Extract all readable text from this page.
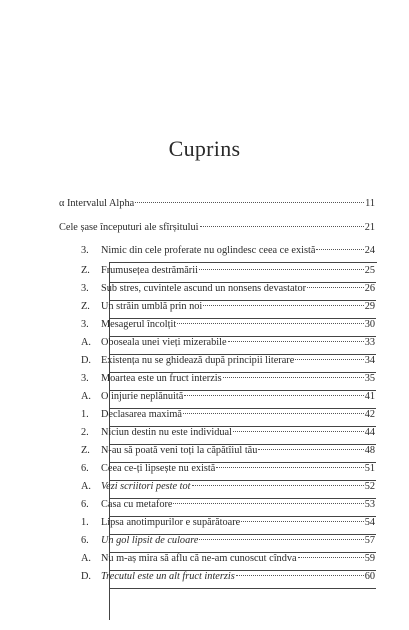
Cuprins
α Intervalul Alpha	11
Cele șase începuturi ale sfîrșitului	21
3.	Nimic din cele proferate nu oglindesc ceea ce există	24
Z.	Frumusețea destrămării	25
3.	Sub stres, cuvintele ascund un nonsens devastator	26
Z.	Un străin umblă prin noi	29
3.	Mesagerul încolțit	30
A. Oboseala unei vieți mizerabile	33
D. Existența nu se ghidează după principii literare	34
3.	Moartea este un fruct interzis	35
A. O injurie neplănuită	41
1.	Declasarea maximă	42
2.	Niciun destin nu este individual	44
Z.	N-au să poată veni toți la căpătîiul tău	48
6.	Ceea ce-ți lipsește nu există	51
A. Vezi scriitori peste tot	52
6.	Casa cu metafore	53
1.	Lipsa anotimpurilor e supărătoare	54
6.	Un gol lipsit de culoare	57
A. Nu m-aș mira să aflu că ne-am cunoscut cîndva	59
D. Trecutul este un alt fruct interzis	60
